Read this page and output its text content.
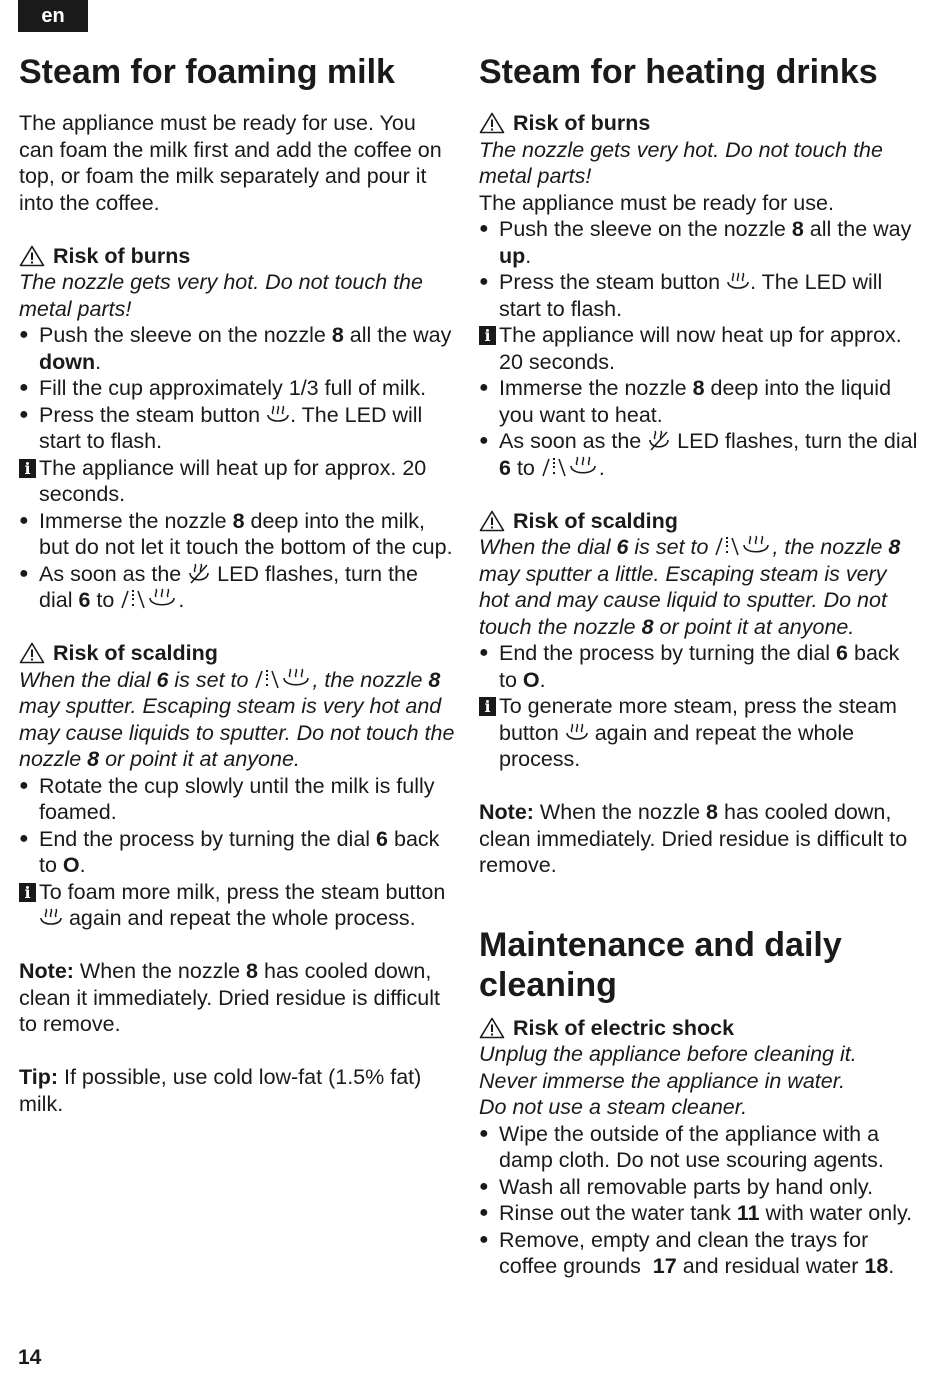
en
Steam for foaming milk

The appliance must be ready for use. You can foam the milk first and add the coffee on top, or foam the milk separately and pour it into the coffee.

Risk of burns

The nozzle gets very hot. Do not touch the metal parts!

● Push the sleeve on the nozzle 8 all the way down.
● Fill the cup approximately 1/3 full of milk.
● Press the steam button . The LED will start to flash.
i The appliance will heat up for approx. 20 seconds.
● Immerse the nozzle 8 deep into the milk, but do not let it touch the bottom of the cup.
● As soon as the  LED flashes, turn the dial 6 to	.
Risk of scalding

When the dial 6 is set to	, the nozzle 8 may sputter. Escaping steam is very hot and may cause liquids to sputter. Do not touch the nozzle 8 or point it at anyone.

● Rotate the cup slowly until the milk is fully foamed.
● End the process by turning the dial 6 back to O.
i To foam more milk, press the steam button  again and repeat the whole process.

Note: When the nozzle 8 has cooled down, clean it immediately. Dried residue is difficult to remove.

Tip: If possible, use cold low-fat (1.5% fat) milk.

Steam for heating drinks
Risk of burns

The nozzle gets very hot. Do not touch the metal parts!

The appliance must be ready for use.

● Push the sleeve on the nozzle 8 all the way up.
● Press the steam button . The LED will start to flash.
i The appliance will now heat up for approx. 20 seconds.
● Immerse the nozzle 8 deep into the liquid you want to heat.
● As soon as the  LED flashes, turn the dial 6 to	.
Risk of scalding

When the dial 6 is set to	, the nozzle 8 may sputter a little. Escaping steam is very hot and may cause liquid to sputter. Do not touch the nozzle 8 or point it at anyone.

● End the process by turning the dial 6 back to O.
i To generate more steam, press the steam button  again and repeat the whole process.

Note: When the nozzle 8 has cooled down, clean immediately. Dried residue is difficult to remove.

Maintenance and daily cleaning
Risk of electric shock

Unplug the appliance before cleaning it.

Never immerse the appliance in water.

Do not use a steam cleaner.

● Wipe the outside of the appliance with a damp cloth. Do not use scouring agents.
● Wash all removable parts by hand only.
● Rinse out the water tank 11 with water only.
● Remove, empty and clean the trays for coffee grounds  17 and residual water 18.
14
